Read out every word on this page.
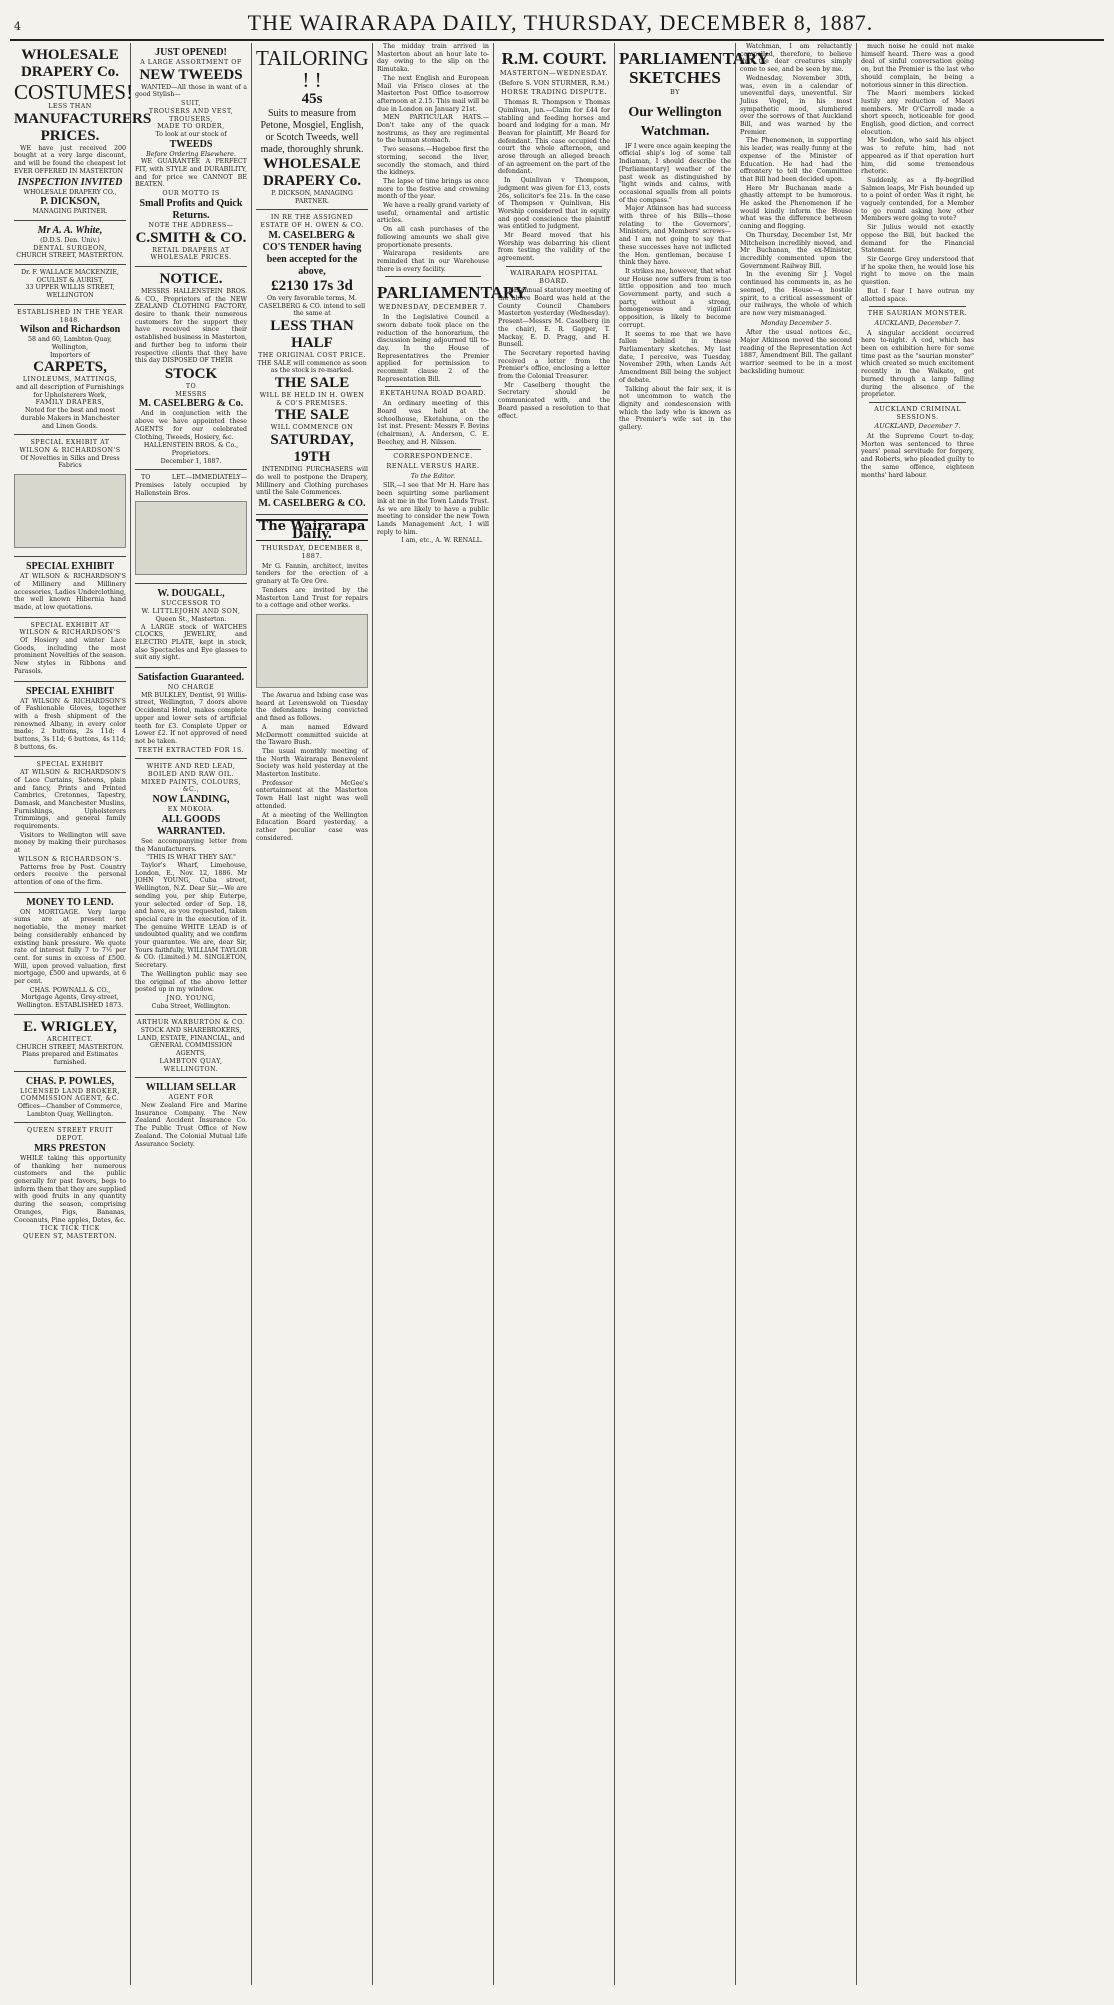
4	THE WAIRARAPA DAILY, THURSDAY, DECEMBER 8, 1887.
WHOLESALE DRAPERY Co.
COSTUMES!
LESS THAN
MANUFACTURERS PRICES.

WE have just received 200 bought at a very large discount, and will be found the cheapest lot EVER OFFERED IN MASTERTON

INSPECTION INVITED
WHOLESALE DRAPERY CO.,
P. DICKSON,
MANAGING PARTNER.
Mr A. A. White,
(D.D.S. Den. Univ.)
DENTAL SURGEON,
CHURCH STREET, MASTERTON.
Dr. F. WALLACE MACKENZIE, OCULIST & AURIST,
33 UPPER WILLIS STREET, WELLINGTON
ESTABLISHED IN THE YEAR 1848.
Wilson and Richardson
58 and 60, Lambton Quay, Wellington,
Importers of
CARPETS,
LINOLEUMS, MATTINGS,
and all description of Furnishings for Upholsterers Work,
FAMILY DRAPERS,
Noted for the best and most durable Makers in Manchester and Linen Goods.
SPECIAL EXHIBIT AT WILSON & RICHARDSON'S
Of Novelties in Silks and Dress Fabrics
SPECIAL EXHIBIT

AT WILSON & RICHARDSON'S of Millinery and Millinery accessories, Ladies Underclothing, the well known Hibernia hand made, at low quotations.

SPECIAL EXHIBIT AT WILSON & RICHARDSON'S

Of Hosiery and winter Lace Goods, including the most prominent Novelties of the season. New styles in Ribbons and Parasols.

SPECIAL EXHIBIT

AT WILSON & RICHARDSON'S of Fashionable Gloves, together with a fresh shipment of the renowned Albany, in every color made; 2 buttons, 2s 11d; 4 buttons, 3s 11d; 6 buttons, 4s 11d; 8 buttons, 6s.

SPECIAL EXHIBIT

AT WILSON & RICHARDSON'S of Lace Curtains, Sateens, plain and fancy, Prints and Printed Cambrics, Cretonnes, Tapestry, Damask, and Manchester Muslins, Furnishings, Upholsterers Trimmings, and general family requirements.

Visitors to Wellington will save money by making their purchases at

WILSON & RICHARDSON'S.

Patterns free by Post. Country orders receive the personal attention of one of the firm.

MONEY TO LEND.

ON MORTGAGE. Very large sums are at present not negotiable, the money market being considerably enhanced by existing bank pressure. We quote rate of interest fully 7 to 7½ per cent. for sums in excess of £500. Will, upon proved valuation, first mortgage, £500 and upwards, at 6 per cent.

CHAS. POWNALL & CO.,
Mortgage Agents, Grey-street, Wellington. ESTABLISHED 1873.
E. WRIGLEY,
ARCHITECT.
CHURCH STREET, MASTERTON.
Plans prepared and Estimates furnished.
CHAS. P. POWLES,
LICENSED LAND BROKER, COMMISSION AGENT, &C.
Offices—Chamber of Commerce, Lambton Quay, Wellington.
QUEEN STREET FRUIT DEPOT.
MRS PRESTON

WHILE taking this opportunity of thanking her numerous customers and the public generally for past favors, begs to inform them that they are supplied with good fruits in any quantity during the season, comprising Oranges, Figs, Bananas, Cocoanuts, Pine apples, Dates, &c.

TICK TICK TICK
QUEEN ST, MASTERTON.
JUST OPENED!
A LARGE ASSORTMENT OF
NEW TWEEDS

WANTED—All those in want of a good Stylish—

SUIT,
TROUSERS AND VEST,
TROUSERS,
MADE TO ORDER,
To look at our stock of
TWEEDS
Before Ordering Elsewhere.

WE GUARANTEE A PERFECT FIT, with STYLE and DURABILITY, and for price we CANNOT BE BEATEN.

OUR MOTTO IS
Small Profits and Quick Returns.
NOTE THE ADDRESS—
C.SMITH & CO.
RETAIL DRAPERS AT WHOLESALE PRICES.
NOTICE.

MESSRS HALLENSTEIN BROS. & CO., Proprietors of the NEW ZEALAND CLOTHING FACTORY, desire to thank their numerous customers for the support they have received since their established business in Masterton, and further beg to inform their respective clients that they have this day DISPOSED OF THEIR

STOCK
TO
MESSRS
M. CASELBERG & Co.

And in conjunction with the above we have appointed these AGENTS for our celebrated Clothing, Tweeds, Hosiery, &c.

HALLENSTEIN BROS. & Co., Proprietors.
December 1, 1887.

TO LET.—IMMEDIATELY—Premises lately occupied by Hallenstein Bros.

W. DOUGALL,
SUCCESSOR TO
W. LITTLEJOHN AND SON,
Queen St., Masterton.

A LARGE stock of WATCHES CLOCKS, JEWELRY, and ELECTRO PLATE, kept in stock, also Spectacles and Eye glasses to suit any sight.

Satisfaction Guaranteed.
NO CHARGE

MR BULKLEY, Dentist, 91 Willis-street, Wellington, 7 doors above Occidental Hotel, makes complete upper and lower sets of artificial teeth for £3. Complete Upper or Lower £2. If not approved of need not be taken.

TEETH EXTRACTED FOR 1S.
WHITE AND RED LEAD,
BOILED AND RAW OIL.
MIXED PAINTS, COLOURS, &C.,
NOW LANDING,
EX MOKOIA.
ALL GOODS WARRANTED.

See accompanying letter from the Manufacturers.

"THIS IS WHAT THEY SAY."

Taylor's Wharf, Limehouse, London, E., Nov. 12, 1886. Mr JOHN YOUNG, Cuba street, Wellington, N.Z. Dear Sir,—We are sending you, per ship Euterpe, your selected order of Sep. 18, and have, as you requested, taken special care in the execution of it. The genuine WHITE LEAD is of undoubted quality, and we confirm your guarantee. We are, dear Sir, Yours faithfully, WILLIAM TAYLOR & CO. (Limited.) M. SINGLETON, Secretary.

The Wellington public may see the original of the above letter posted up in my window.

JNO. YOUNG,
Cuba Street, Wellington.
ARTHUR WARBURTON & CO.
STOCK AND SHAREBROKERS, LAND, ESTATE, FINANCIAL, and GENERAL COMMISSION AGENTS,
LAMBTON QUAY, WELLINGTON.
WILLIAM SELLAR
AGENT FOR

New Zealand Fire and Marine Insurance Company. The New Zealand Accident Insurance Co. The Public Trust Office of New Zealand. The Colonial Mutual Life Assurance Society.

TAILORING ! !
45s
Suits to measure from Petone, Mosgiel, English, or Scotch Tweeds, well made, thoroughly shrunk.
WHOLESALE DRAPERY Co.
P. DICKSON, MANAGING PARTNER.
IN RE THE ASSIGNED ESTATE OF H. OWEN & CO.
M. CASELBERG & CO'S TENDER having been accepted for the above,
£2130 17s 3d
On very favorable terms, M. CASELBERG & CO. intend to sell the same at
LESS THAN HALF
THE ORIGINAL COST PRICE.
THE SALE will commence as soon as the stock is re-marked.
THE SALE
WILL BE HELD IN H. OWEN & CO'S PREMISES.
THE SALE
WILL COMMENCE ON
SATURDAY, 19TH

INTENDING PURCHASERS will do well to postpone the Drapery, Millinery and Clothing purchases until the Sale Commences.

M. CASELBERG & CO.
The Wairarapa Daily.
THURSDAY, DECEMBER 8, 1887.

Mr G. Fannin, architect, invites tenders for the erection of a granary at Te Ore Ore.

Tenders are invited by the Masterton Land Trust for repairs to a cottage and other works.

The Awarua and Ixbing case was heard at Levenswold on Tuesday the defendants being convicted and fined as follows.

A man named Edward McDermott committed suicide at the Tawaro Bush.

The usual monthly meeting of the North Wairarapa Benevolent Society was held yesterday at the Masterton Institute.

Professor McGee's entertainment at the Masterton Town Hall last night was well attended.

At a meeting of the Wellington Education Board yesterday, a rather peculiar case was considered.

The midday train arrived in Masterton about an hour late to-day owing to the slip on the Rimutaka.

The next English and European Mail via Frisco closes at the Masterton Post Office to-morrow afternoon at 2.15. This mail will be due in London on January 21st.

MEN PARTICULAR HATS.—Don't take any of the quack nostrums, as they are regimental to the human stomach.

Two seasons.—Hegeboe first the storming, second the liver, secondly the stomach, and third the kidneys.

The lapse of time brings us once more to the festive and crowning month of the year.

We have a really grand variety of useful, ornamental and artistic articles.

On all cash purchases of the following amounts we shall give proportionate presents.

Wairarapa residents are reminded that in our Warehouse there is every facility.

PARLIAMENTARY
WEDNESDAY, DECEMBER 7.

In the Legislative Council a sworn debate took place on the reduction of the honorarium, the discussion being adjourned till to-day. In the House of Representatives the Premier applied for permission to recommit clause 2 of the Representation Bill.

EKETAHUNA ROAD BOARD.

An ordinary meeting of this Board was held at the schoolhouse, Eketahuna, on the 1st inst. Present: Messrs F. Bevins (chairman), A. Anderson, C. E. Beechey, and H. Nilsson.

CORRESPONDENCE.
RENALL VERSUS HARE.
To the Editor.

SIR,—I see that Mr H. Hare has been squirting some parliament ink at me in the Town Lands Trust. As we are likely to have a public meeting to consider the new Town Lands Management Act, I will reply to him.

I am, etc., A. W. RENALL.
R.M. COURT.
MASTERTON—WEDNESDAY.
(Before S. VON STURMER, R.M.)
HORSE TRADING DISPUTE.

Thomas R. Thompson v Thomas Quinlivan, jun.—Claim for £44 for stabling and feeding horses and board and lodging for a man. Mr Beavan for plaintiff, Mr Beard for defendant. This case occupied the court the whole afternoon, and arose through an alleged breach of an agreement on the part of the defendant.

In Quinlivan v Thompson, judgment was given for £13, costs 26s, solicitor's fee 21s. In the case of Thompson v Quinlivan, His Worship considered that in equity and good conscience the plaintiff was entitled to judgment.

Mr Beard moved that his Worship was debarring his client from testing the validity of the agreement.

WAIRARAPA HOSPITAL BOARD.

THE annual statutory meeting of the above Board was held at the County Council Chambers Masterton yesterday (Wednesday). Present—Messrs M. Caselberg (in the chair), E. R. Gapper, T. Mackay, E. D. Pragg, and H. Bunsell.

The Secretary reported having received a letter from the Premier's office, enclosing a letter from the Colonial Treasurer.

Mr Caselberg thought the Secretary should be communicated with, and the Board passed a resolution to that effect.

PARLIAMENTARY SKETCHES
BY
Our Wellington Watchman.

IF I were once again keeping the official ship's log of some tall Indiaman, I should describe the [Parliamentary] weather of the past week as distinguished by "light winds and calms, with occasional squalls from all points of the compass."

Major Atkinson has had success with three of his Bills—those relating to the Governors', Ministers, and Members' screws—and I am not going to say that these successes have not inflicted the Hon. gentleman, because I think they have.

It strikes me, however, that what our House now suffers from is too little opposition and too much Government party, and such a party, without a strong, homogeneous and vigilant opposition, is likely to become corrupt.

It seems to me that we have fallen behind in these Parliamentary sketches. My last date, I perceive, was Tuesday, November 29th, when Lands Act Amendment Bill being the subject of debate.

Talking about the fair sex, it is not uncommon to watch the dignity and condescension with which the lady who is known as the Premier's wife sat in the gallery.

Watchman, I am reluctantly compelled, therefore, to believe that the dear creatures simply come to see, and be seen by me.

Wednesday, November 30th, was, even in a calendar of uneventful days, uneventful. Sir Julius Vogel, in his most sympathetic mood, slumbered over the sorrows of that Auckland Bill, and was warned by the Premier.

The Phenomenon, in supporting his leader, was really funny at the expense of the Minister of Education. He had had the effrontery to tell the Committee that Bill had been decided upon.

Here Mr Buchanan made a ghastly attempt to be humorous. He asked the Phenomenon if he would kindly inform the House what was the difference between caning and flogging.

On Thursday, December 1st, Mr Mitchelson incredibly moved, and Mr Buchanan, the ex-Minister, incredibly commented upon the Government Railway Bill.

In the evening Sir J. Vogel continued his comments in, as he seemed, the House—a hostile spirit, to a critical assessment of our railways, the whole of which are now very mismanaged.

Monday December 5.

After the usual notices &c., Major Atkinson moved the second reading of the Representation Act 1887, Amendment Bill. The gallant warrior seemed to be in a most backsliding humour.

much noise he could not make himself heard. There was a good deal of sinful conversation going on, but the Premier is the last who should complain, he being a notorious sinner in this direction.

The Maori members kicked lustily any reduction of Maori members. Mr O'Carroll made a short speech, noticeable for good English, good diction, and correct elocution.

Mr Seddon, who said his object was to refute him, had not appeared as if that operation hurt him, did some tremendous rhetoric.

Suddenly, as a fly-begrilled Salmon leaps, Mr Fish bounded up to a point of order. Was it right, he vaguely contended, for a Member to go round asking how other Members were going to vote?

Sir Julius would not exactly oppose the Bill, but backed the demand for the Financial Statement.

Sir George Grey understood that if he spoke then, he would lose his right to move on the main question.

But I fear I have outrun my allotted space.

THE SAURIAN MONSTER.
AUCKLAND, December 7.

A singular accident occurred here to-night. A cod, which has been on exhibition here for some time past as the "saurian monster" which created so much excitement recently in the Waikato, got burned through a lamp falling during the absence of the proprietor.

AUCKLAND CRIMINAL SESSIONS.
AUCKLAND, December 7.

At the Supreme Court to-day, Morton was sentenced to three years' penal servitude for forgery, and Roberts, who pleaded guilty to the same offence, eighteen months' hard labour.
